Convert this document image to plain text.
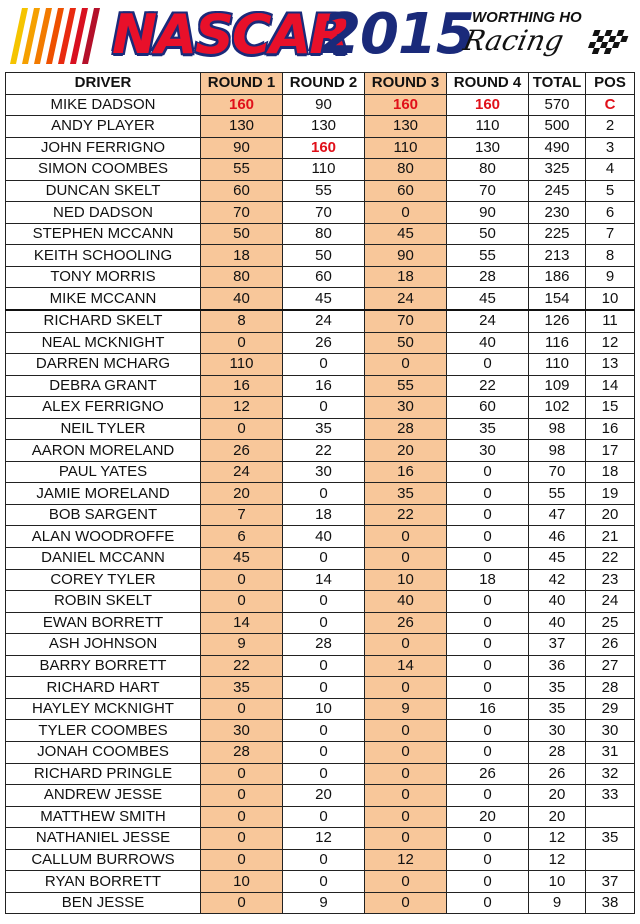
NASCAR
2015
WORTHING HO
Racing
DRIVER	ROUND 1	ROUND 2	ROUND 3	ROUND 4	TOTAL	POS
MIKE DADSON	160	90	160	160	570	C
ANDY PLAYER	130	130	130	110	500	2
JOHN FERRIGNO	90	160	110	130	490	3
SIMON COOMBES	55	110	80	80	325	4
DUNCAN SKELT	60	55	60	70	245	5
NED DADSON	70	70	0	90	230	6
STEPHEN MCCANN	50	80	45	50	225	7
KEITH SCHOOLING	18	50	90	55	213	8
TONY MORRIS	80	60	18	28	186	9
MIKE MCCANN	40	45	24	45	154	10
RICHARD SKELT	8	24	70	24	126	11
NEAL MCKNIGHT	0	26	50	40	116	12
DARREN MCHARG	110	0	0	0	110	13
DEBRA GRANT	16	16	55	22	109	14
ALEX FERRIGNO	12	0	30	60	102	15
NEIL TYLER	0	35	28	35	98	16
AARON MORELAND	26	22	20	30	98	17
PAUL YATES	24	30	16	0	70	18
JAMIE MORELAND	20	0	35	0	55	19
BOB SARGENT	7	18	22	0	47	20
ALAN WOODROFFE	6	40	0	0	46	21
DANIEL MCCANN	45	0	0	0	45	22
COREY TYLER	0	14	10	18	42	23
ROBIN SKELT	0	0	40	0	40	24
EWAN BORRETT	14	0	26	0	40	25
ASH JOHNSON	9	28	0	0	37	26
BARRY BORRETT	22	0	14	0	36	27
RICHARD HART	35	0	0	0	35	28
HAYLEY MCKNIGHT	0	10	9	16	35	29
TYLER COOMBES	30	0	0	0	30	30
JONAH COOMBES	28	0	0	0	28	31
RICHARD PRINGLE	0	0	0	26	26	32
ANDREW JESSE	0	20	0	0	20	33
MATTHEW SMITH	0	0	0	20	20	
NATHANIEL JESSE	0	12	0	0	12	35
CALLUM BURROWS	0	0	12	0	12	
RYAN BORRETT	10	0	0	0	10	37
BEN JESSE	0	9	0	0	9	38
